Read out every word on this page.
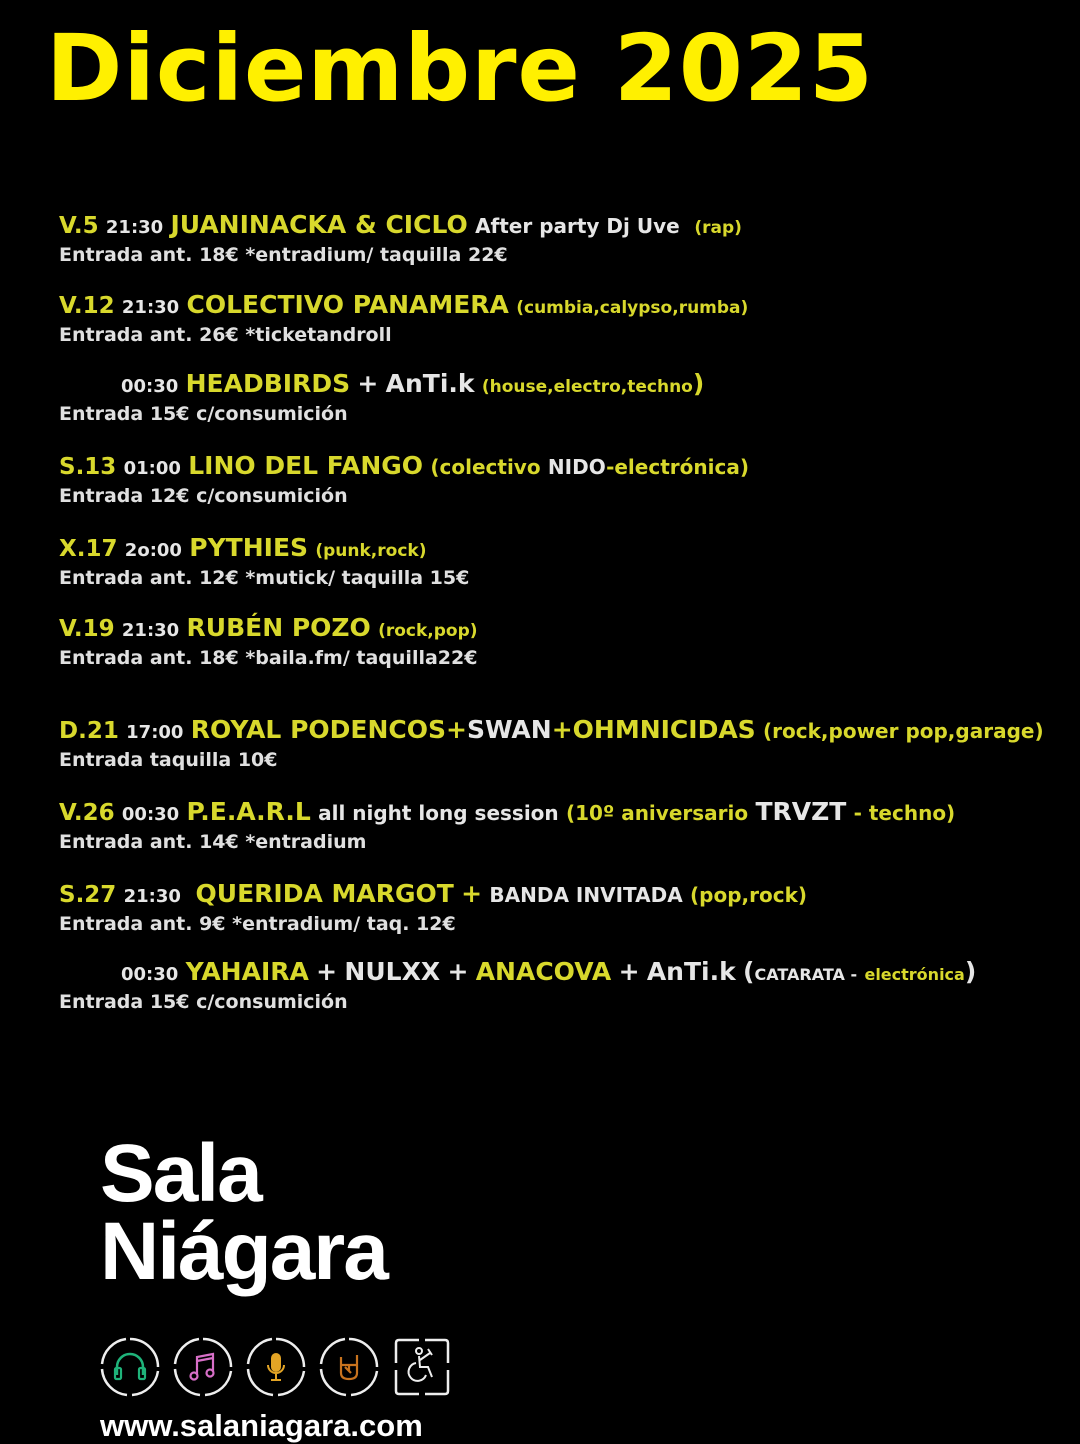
Diciembre 2025
V.5 21:30 JUANINACKA & CICLO After party Dj Uve (rap)
Entrada ant. 18€ *entradium/ taquilla 22€
V.12 21:30 COLECTIVO PANAMERA (cumbia,calypso,rumba)
Entrada ant. 26€ *ticketandroll
00:30 HEADBIRDS + AnTi.k (house,electro,techno)
Entrada 15€ c/consumición
S.13 01:00 LINO DEL FANGO (colectivo NIDO-electrónica)
Entrada 12€ c/consumición
X.17 2o:00 PYTHIES (punk,rock)
Entrada ant. 12€ *mutick/ taquilla 15€
V.19 21:30 RUBÉN POZO (rock,pop)
Entrada ant. 18€ *baila.fm/ taquilla22€
D.21 17:00 ROYAL PODENCOS+SWAN+OHMNICIDAS (rock,power pop,garage)
Entrada taquilla 10€
V.26 00:30 P.E.A.R.L all night long session (10º aniversario TRVZT - techno)
Entrada ant. 14€ *entradium
S.27 21:30 QUERIDA MARGOT + BANDA INVITADA (pop,rock)
Entrada ant. 9€ *entradium/ taq. 12€
00:30 YAHAIRA + NULXX + ANACOVA + AnTi.k (CATARATA - electrónica)
Entrada 15€ c/consumición
Sala
Niágara
www.salaniagara.com
